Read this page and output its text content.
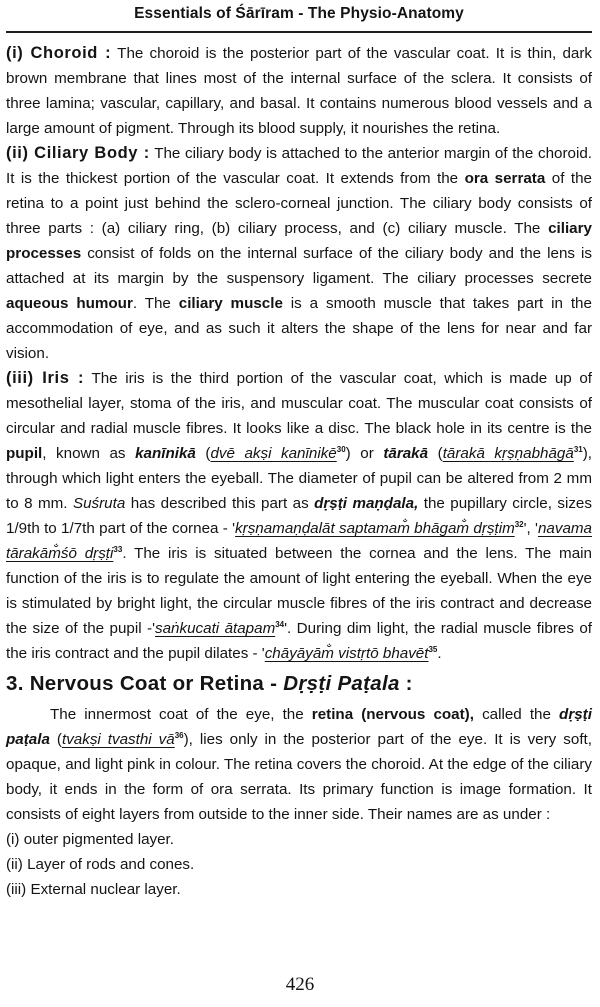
Essentials of Śārīram - The Physio-Anatomy

(i) Choroid : The choroid is the posterior part of the vascular coat. It is thin, dark brown membrane that lines most of the internal surface of the sclera. It consists of three lamina; vascular, capillary, and basal. It contains numerous blood vessels and a large amount of pigment. Through its blood supply, it nourishes the retina.

(ii) Ciliary Body : The ciliary body is attached to the anterior margin of the choroid. It is the thickest portion of the vascular coat. It extends from the ora serrata of the retina to a point just behind the sclero-corneal junction. The ciliary body consists of three parts : (a) ciliary ring, (b) ciliary process, and (c) ciliary muscle. The ciliary processes consist of folds on the internal surface of the ciliary body and the lens is attached at its margin by the suspensory ligament. The ciliary processes secrete aqueous humour. The ciliary muscle is a smooth muscle that takes part in the accommodation of eye, and as such it alters the shape of the lens for near and far vision.

(iii) Iris : The iris is the third portion of the vascular coat, which is made up of mesothelial layer, stoma of the iris, and muscular coat. The muscular coat consists of circular and radial muscle fibres. It looks like a disc. The black hole in its centre is the pupil, known as kanīnikā (dvē akṣi kanīnikē$^{30}$) or tārakā (tārakā kṛṣṇabhāgā$^{31}$), through which light enters the eyeball. The diameter of pupil can be altered from 2 mm to 8 mm. Suśruta has described this part as dṛṣṭi maṇḍala, the pupillary circle, sizes 1/9th to 1/7th part of the cornea - 'kṛṣṇamaṇḍalāt saptamam̐ bhāgam̐ dṛṣṭim$^{32}$', 'navama tārakām̐śō dṛṣṭi$^{33}$. The iris is situated between the cornea and the lens. The main function of the iris is to regulate the amount of light entering the eyeball. When the eye is stimulated by bright light, the circular muscle fibres of the iris contract and decrease the size of the pupil -'saṅkucati ātapam$^{34}$'. During dim light, the radial muscle fibres of the iris contract and the pupil dilates - 'chāyāyām̐ vistṛtō bhavēt$^{35}$.

3. Nervous Coat or Retina - Dṛṣṭi Paṭala :

The innermost coat of the eye, the retina (nervous coat), called the dṛṣṭi paṭala (tvakṣi tvasthi $vā^{36}$), lies only in the posterior part of the eye. It is very soft, opaque, and light pink in colour. The retina covers the choroid. At the edge of the ciliary body, it ends in the form of ora serrata. Its primary function is image formation. It consists of eight layers from outside to the inner side. Their names are as under :

(i) outer pigmented layer.

(ii) Layer of rods and cones.

(iii) External nuclear layer.

426
